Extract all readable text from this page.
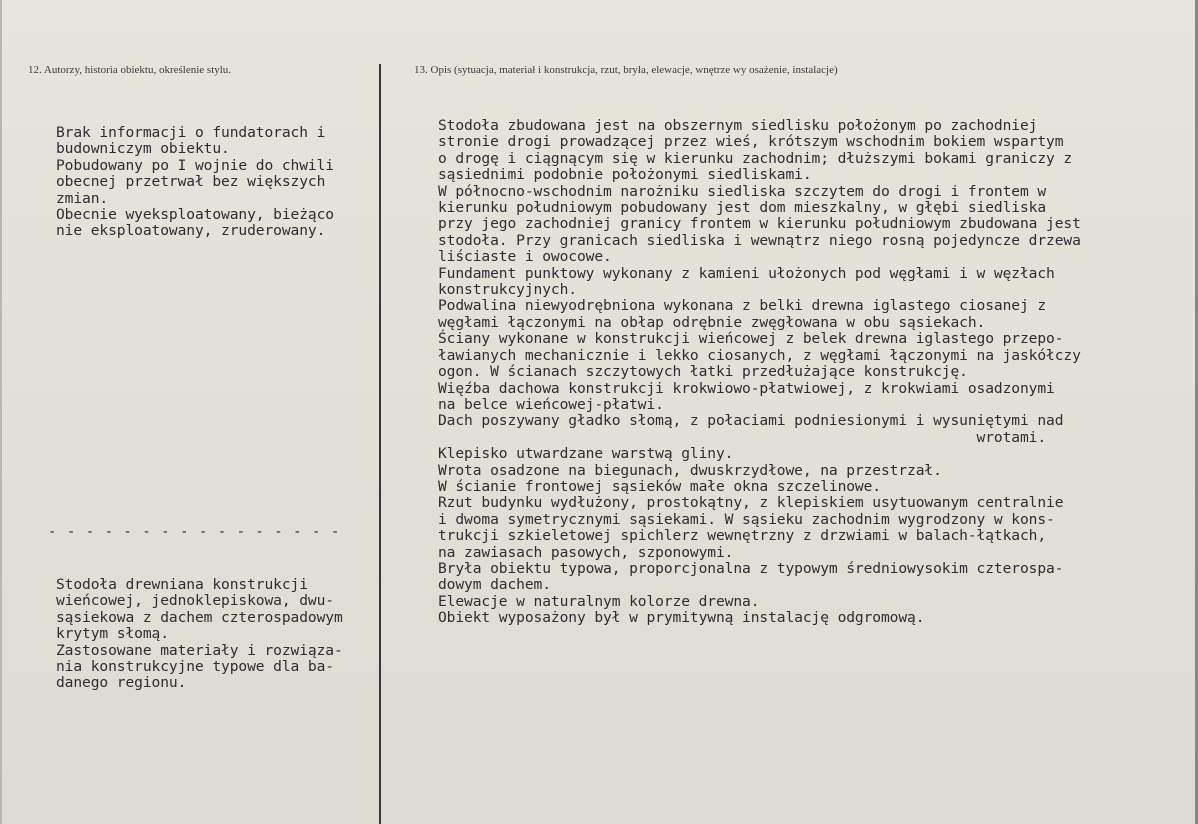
12. Autorzy, historia obiektu, określenie stylu.	13. Opis (sytuacja, materiał i konstrukcja, rzut, bryła, elewacje, wnętrze wy osażenie, instalacje)
Brak informacji o fundatorach i
budowniczym obiektu.
Pobudowany po I wojnie do chwili
obecnej przetrwał bez większych
zmian.
Obecnie wyeksploatowany, bieżąco
nie eksploatowany, zruderowany.
- - - - - - - - - - - - - - - -
Stodoła drewniana konstrukcji
wieńcowej, jednoklepiskowa, dwu-
sąsiekowa z dachem czterospadowym
krytym słomą.
Zastosowane materiały i rozwiąza-
nia konstrukcyjne typowe dla ba-
danego regionu.
Stodoła zbudowana jest na obszernym siedlisku położonym po zachodniej
stronie drogi prowadzącej przez wieś, krótszym wschodnim bokiem wspartym
o drogę i ciągnącym się w kierunku zachodnim; dłuższymi bokami graniczy z
sąsiednimi podobnie położonymi siedliskami.
W północno-wschodnim narożniku siedliska szczytem do drogi i frontem w
kierunku południowym pobudowany jest dom mieszkalny, w głębi siedliska
przy jego zachodniej granicy frontem w kierunku południowym zbudowana jest
stodoła. Przy granicach siedliska i wewnątrz niego rosną pojedyncze drzewa
liściaste i owocowe.
Fundament punktowy wykonany z kamieni ułożonych pod węgłami i w węzłach
konstrukcyjnych.
Podwalina niewyodrębniona wykonana z belki drewna iglastego ciosanej z
węgłami łączonymi na obłap odrębnie zwęgłowana w obu sąsiekach.
Ściany wykonane w konstrukcji wieńcowej z belek drewna iglastego przepo-
ławianych mechanicznie i lekko ciosanych, z węgłami łączonymi na jaskółczy
ogon. W ścianach szczytowych łatki przedłużające konstrukcję.
Więźba dachowa konstrukcji krokwiowo-płatwiowej, z krokwiami osadzonymi
na belce wieńcowej-płatwi.
Dach poszywany gładko słomą, z połaciami podniesionymi i wysuniętymi nad
wrotami.
Klepisko utwardzane warstwą gliny.
Wrota osadzone na biegunach, dwuskrzydłowe, na przestrzał.
W ścianie frontowej sąsieków małe okna szczelinowe.
Rzut budynku wydłużony, prostokątny, z klepiskiem usytuowanym centralnie
i dwoma symetrycznymi sąsiekami. W sąsieku zachodnim wygrodzony w kons-
trukcji szkieletowej spichlerz wewnętrzny z drzwiami w balach-łątkach,
na zawiasach pasowych, szponowymi.
Bryła obiektu typowa, proporcjonalna z typowym średniowysokim czterospa-
dowym dachem.
Elewacje w naturalnym kolorze drewna.
Obiekt wyposażony był w prymitywną instalację odgromową.
